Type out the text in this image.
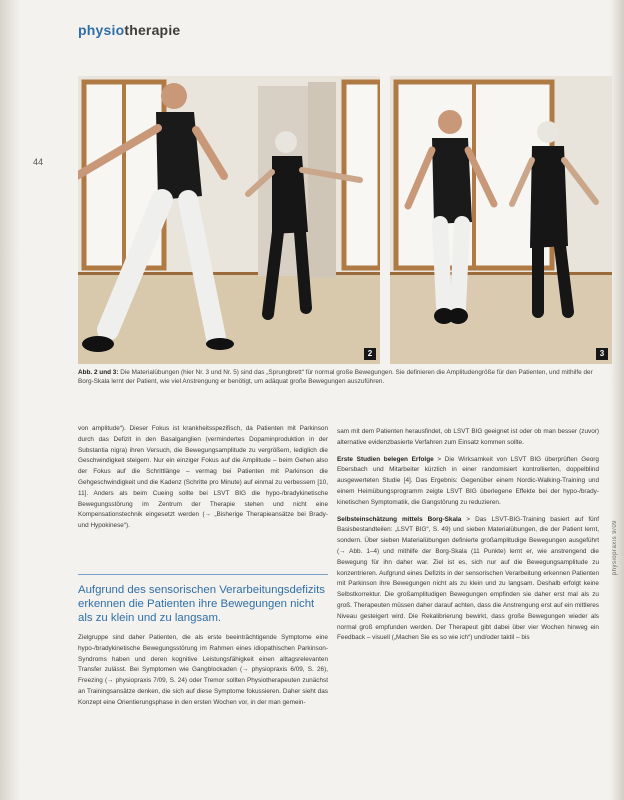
physiotherapie
44
2	3
Abb. 2 und 3: Die Materialübungen (hier Nr. 3 und Nr. 5) sind das „Sprungbrett“ für normal große Bewegungen. Sie definieren die Amplitudengröße für den Patienten, und mithilfe der Borg-Skala lernt der Patient, wie viel Anstrengung er benötigt, um adäquat große Bewegungen auszuführen.

von amplitude“). Dieser Fokus ist krankheitsspezifisch, da Patienten mit Parkinson durch das Defizit in den Basalganglien (vermindertes Dopaminproduktion in der Substantia nigra) ihren Versuch, die Bewegungsamplitude zu vergrößern, lediglich die Geschwindigkeit steigern. Nur ein einziger Fokus auf die Amplitude – beim Gehen also der Fokus auf die Schrittlänge – vermag bei Patienten mit Parkinson die Gehgeschwindigkeit und die Kadenz (Schritte pro Minute) auf einmal zu verbessern [10, 11]. Anders als beim Cueing sollte bei LSVT BIG die hypo-/bradykinetische Bewegungsstörung im Zentrum der Therapie stehen und nicht eine Kompensationstechnik eingesetzt werden (→ „Bisherige Therapieansätze bei Brady- und Hypokinese“).

Aufgrund des sensorischen Verarbeitungsdefizits erkennen die Patienten ihre Bewegungen nicht als zu klein und zu langsam.

Zielgruppe sind daher Patienten, die als erste beeinträchtigende Symptome eine hypo-/bradykinetische Bewegungsstörung im Rahmen eines idiopathischen Parkinson-Syndroms haben und deren kognitive Leistungsfähigkeit einen alltagsrelevanten Transfer zulässt. Bei Symptomen wie Gangblockaden (→ physiopraxis 6/09, S. 26), Freezing (→ physiopraxis 7/09, S. 24) oder Tremor sollten Physiotherapeuten zunächst an Trainingsansätze denken, die sich auf diese Symptome fokussieren. Daher sieht das Konzept eine Orientierungsphase in den ersten Wochen vor, in der man gemein-

sam mit dem Patienten herausfindet, ob LSVT BIG geeignet ist oder ob man besser (zuvor) alternative evidenzbasierte Verfahren zum Einsatz kommen sollte.

Erste Studien belegen Erfolge > Die Wirksamkeit von LSVT BIG überprüften Georg Ebersbach und Mitarbeiter kürzlich in einer randomisiert kontrollierten, doppelblind ausgewerteten Studie [4]. Das Ergebnis: Gegenüber einem Nordic-Walking-Training und einem Heimübungsprogramm zeigte LSVT BIG überlegene Effekte bei der hypo-/brady-kinetischen Symptomatik, die Gangstörung zu reduzieren.

Selbsteinschätzung mittels Borg-Skala > Das LSVT-BIG-Training basiert auf fünf Basisbestandteilen: „LSVT BIG“, S. 49) und sieben Materialübungen, die der Patient lernt, sondern. Über sieben Materialübungen definierte großamplitudige Bewegungen ausgeführt (→ Abb. 1–4) und mithilfe der Borg-Skala (11 Punkte) lernt er, wie anstrengend die Bewegung für ihn daher war. Ziel ist es, sich nur auf die Bewegungsamplitude zu konzentrieren. Aufgrund eines Defizits in der sensorischen Verarbeitung erkennen Patienten mit Parkinson ihre Bewegungen nicht als zu klein und zu langsam. Deshalb erfolgt keine Selbstkorrektur. Die großamplitudigen Bewegungen empfinden sie daher erst mal als zu groß. Therapeuten müssen daher darauf achten, dass die Anstrengung erst auf ein mittleres Niveau gesteigert wird. Die Rekalibrierung bewirkt, dass große Bewegungen wieder als normal groß empfunden werden. Der Therapeut gibt dabei über vier Wochen hinweg ein Feedback – visuell („Machen Sie es so wie ich“) und/oder taktil – bis

physiopraxis 9/09
